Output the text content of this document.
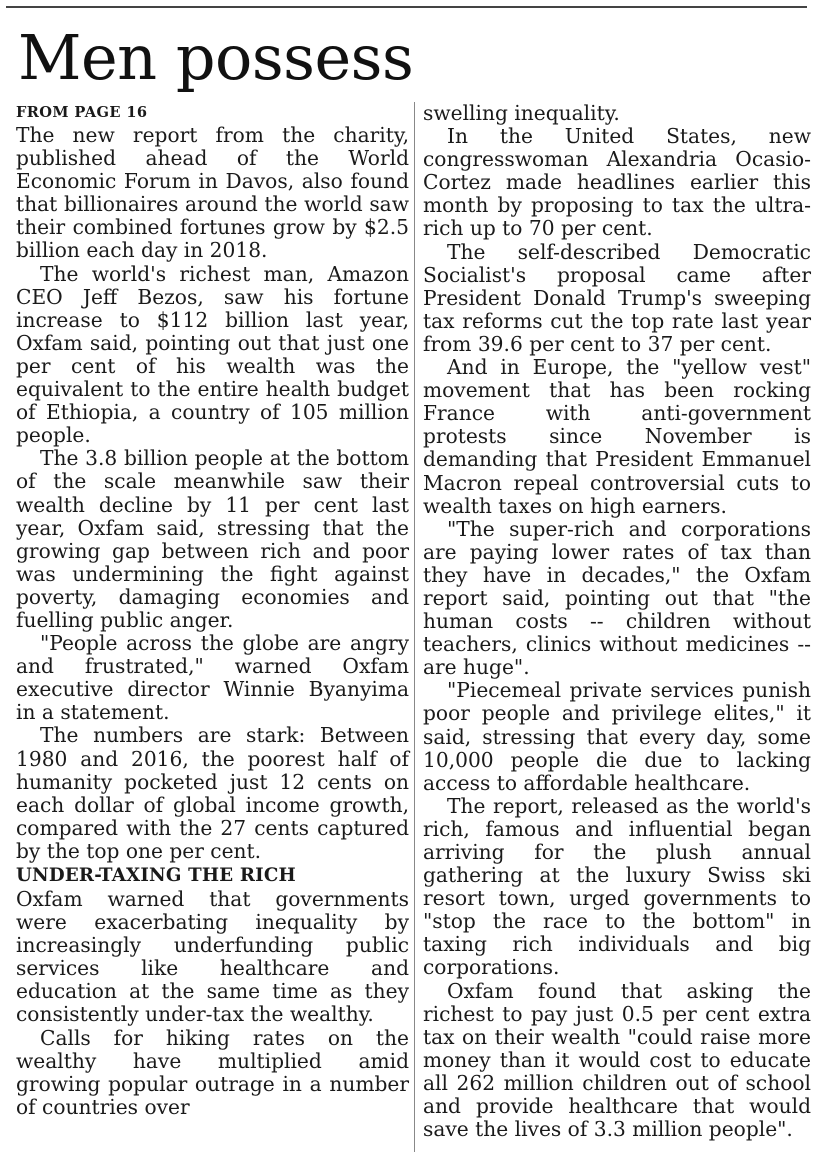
Men possess
FROM PAGE 16

The new report from the charity, published ahead of the World Economic Forum in Davos, also found that billionaires around the world saw their combined fortunes grow by $2.5 billion each day in 2018.

The world's richest man, Amazon CEO Jeff Bezos, saw his fortune increase to $112 billion last year, Oxfam said, pointing out that just one per cent of his wealth was the equivalent to the entire health budget of Ethiopia, a country of 105 million people.

The 3.8 billion people at the bottom of the scale meanwhile saw their wealth decline by 11 per cent last year, Oxfam said, stressing that the growing gap between rich and poor was undermining the fight against poverty, damaging economies and fuelling public anger.

"People across the globe are angry and frustrated," warned Oxfam executive director Winnie Byanyima in a statement.

The numbers are stark: Between 1980 and 2016, the poorest half of humanity pocketed just 12 cents on each dollar of global income growth, compared with the 27 cents captured by the top one per cent.

UNDER-TAXING THE RICH

Oxfam warned that governments were exacerbating inequality by increasingly underfunding public services like healthcare and education at the same time as they consistently under-tax the wealthy.

Calls for hiking rates on the wealthy have multiplied amid growing popular outrage in a number of countries over

swelling inequality.

In the United States, new congresswoman Alexandria Ocasio-Cortez made headlines earlier this month by proposing to tax the ultra-rich up to 70 per cent.

The self-described Democratic Socialist's proposal came after President Donald Trump's sweeping tax reforms cut the top rate last year from 39.6 per cent to 37 per cent.

And in Europe, the "yellow vest" movement that has been rocking France with anti-government protests since November is demanding that President Emmanuel Macron repeal controversial cuts to wealth taxes on high earners.

"The super-rich and corporations are paying lower rates of tax than they have in decades," the Oxfam report said, pointing out that "the human costs -- children without teachers, clinics without medicines -- are huge".

"Piecemeal private services punish poor people and privilege elites," it said, stressing that every day, some 10,000 people die due to lacking access to affordable healthcare.

The report, released as the world's rich, famous and influential began arriving for the plush annual gathering at the luxury Swiss ski resort town, urged governments to "stop the race to the bottom" in taxing rich individuals and big corporations.

Oxfam found that asking the richest to pay just 0.5 per cent extra tax on their wealth "could raise more money than it would cost to educate all 262 million children out of school and provide healthcare that would save the lives of 3.3 million people".
